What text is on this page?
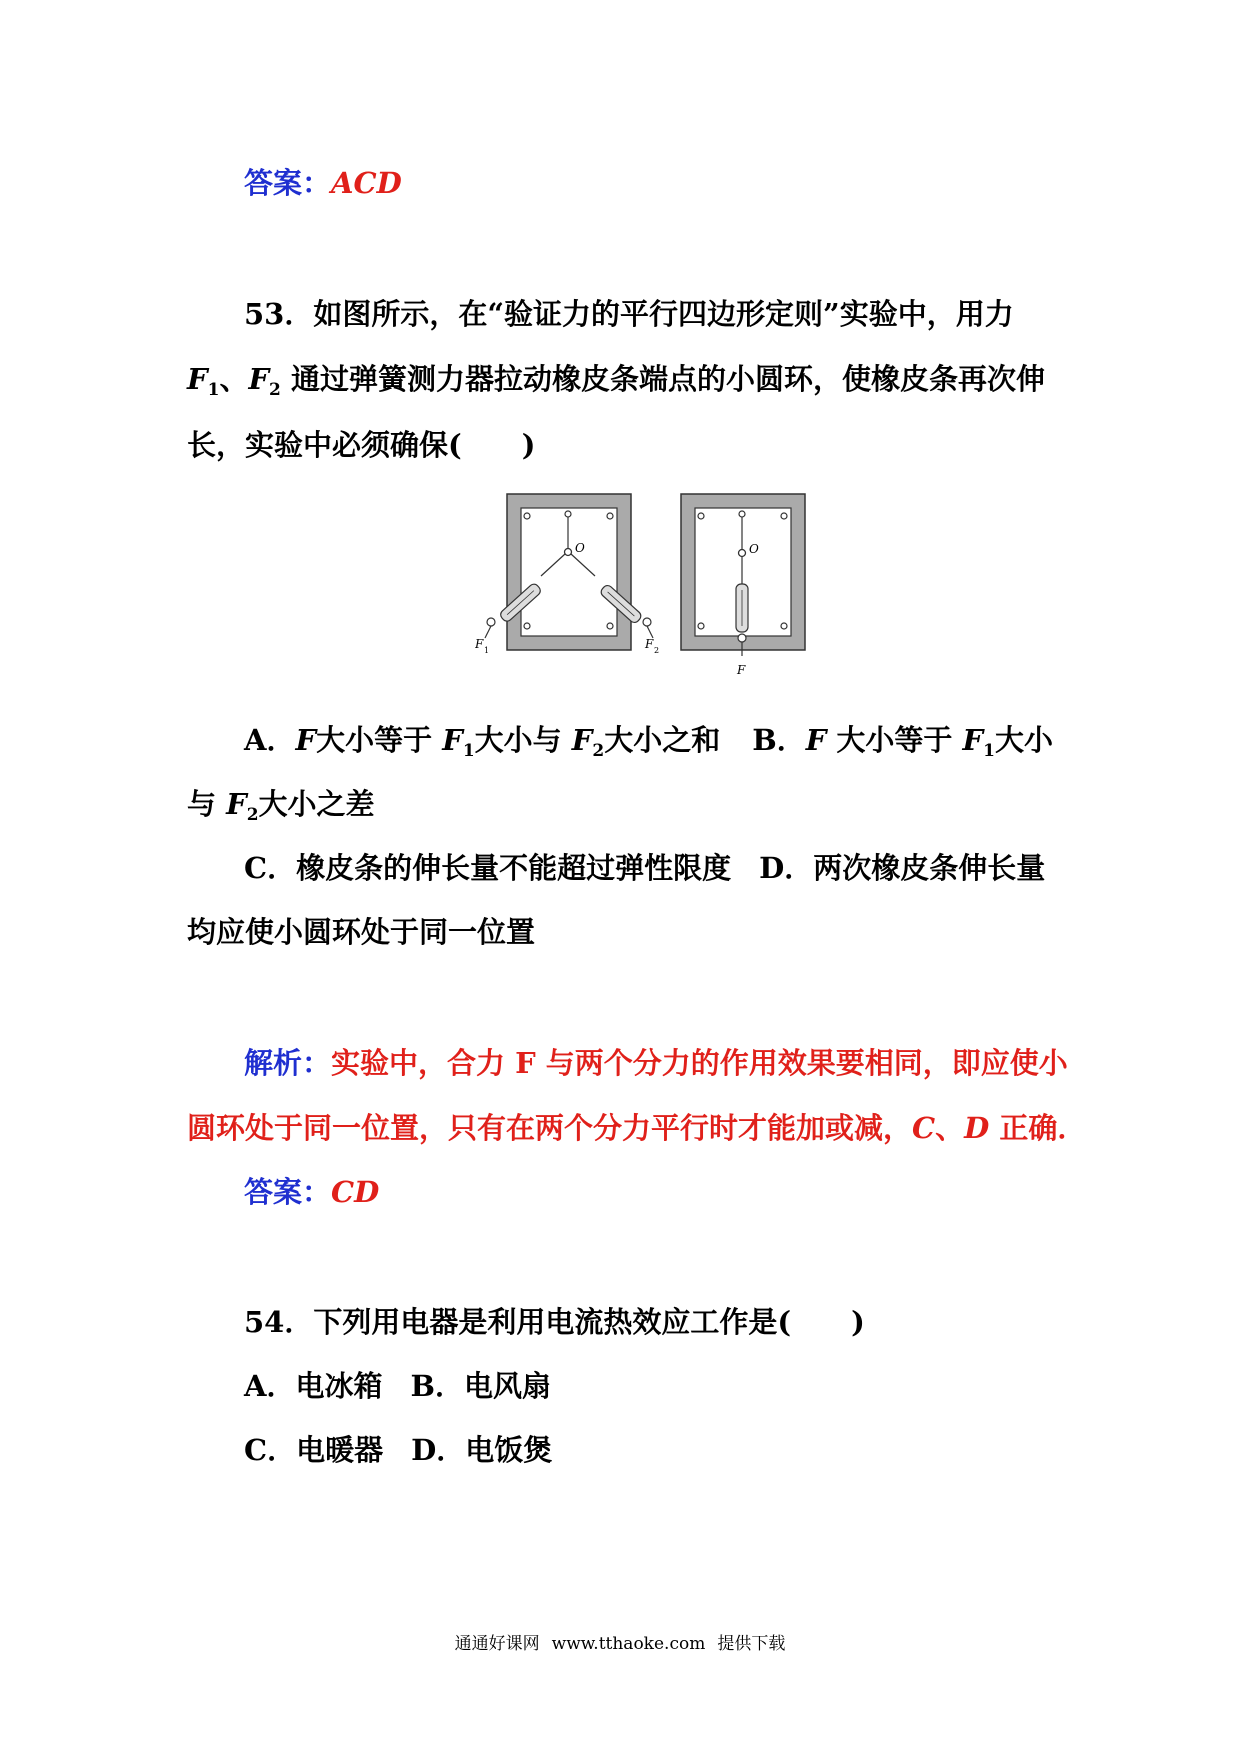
答案：ACD
53．如图所示，在“验证力的平行四边形定则”实验中，用力
$F_1$、$F_2$ 通过弹簧测力器拉动橡皮条端点的小圆环，使橡皮条再次伸
长，实验中必须确保( )
O
F 1	F 2
O
F
A．F大小等于 $F_1$大小与 $F_2$大小之和 B．F 大小等于 $F_1$大小
与 $F_2$大小之差
C．橡皮条的伸长量不能超过弹性限度 D．两次橡皮条伸长量
均应使小圆环处于同一位置
解析：实验中，合力 F 与两个分力的作用效果要相同，即应使小
圆环处于同一位置，只有在两个分力平行时才能加或减，C、D 正确．
答案：CD
54．下列用电器是利用电流热效应工作是( )
A．电冰箱 B．电风扇
C．电暖器 D．电饭煲
通通好课网 www.tthaoke.com 提供下载
